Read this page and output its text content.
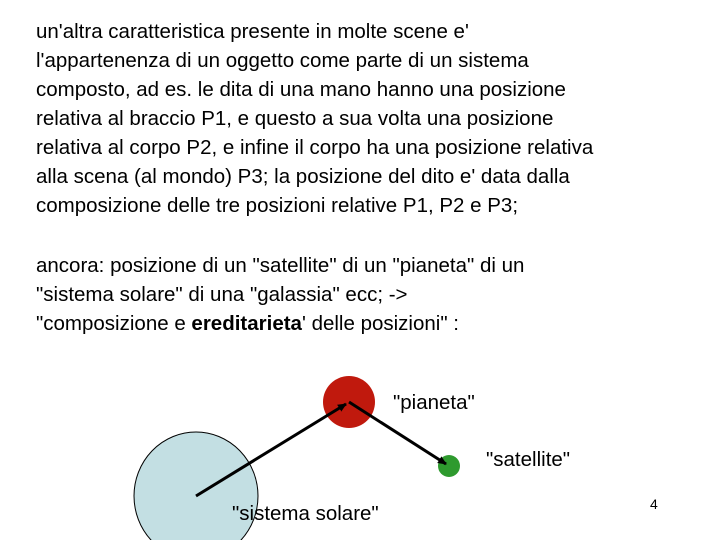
un'altra caratteristica presente in molte scene e'
l'appartenenza di un oggetto come parte di un sistema
composto, ad es. le dita di una mano hanno una posizione
relativa al braccio P1, e questo a sua volta una posizione
relativa al corpo P2, e infine il corpo ha una posizione relativa
alla scena (al mondo) P3; la posizione del dito e' data dalla
composizione delle tre posizioni relative P1, P2 e P3;
ancora: posizione di un "satellite" di un "pianeta" di un
"sistema solare" di una "galassia" ecc; ->
"composizione e ereditarieta' delle posizioni" :
"pianeta"
"satellite"
"sistema solare"	4
